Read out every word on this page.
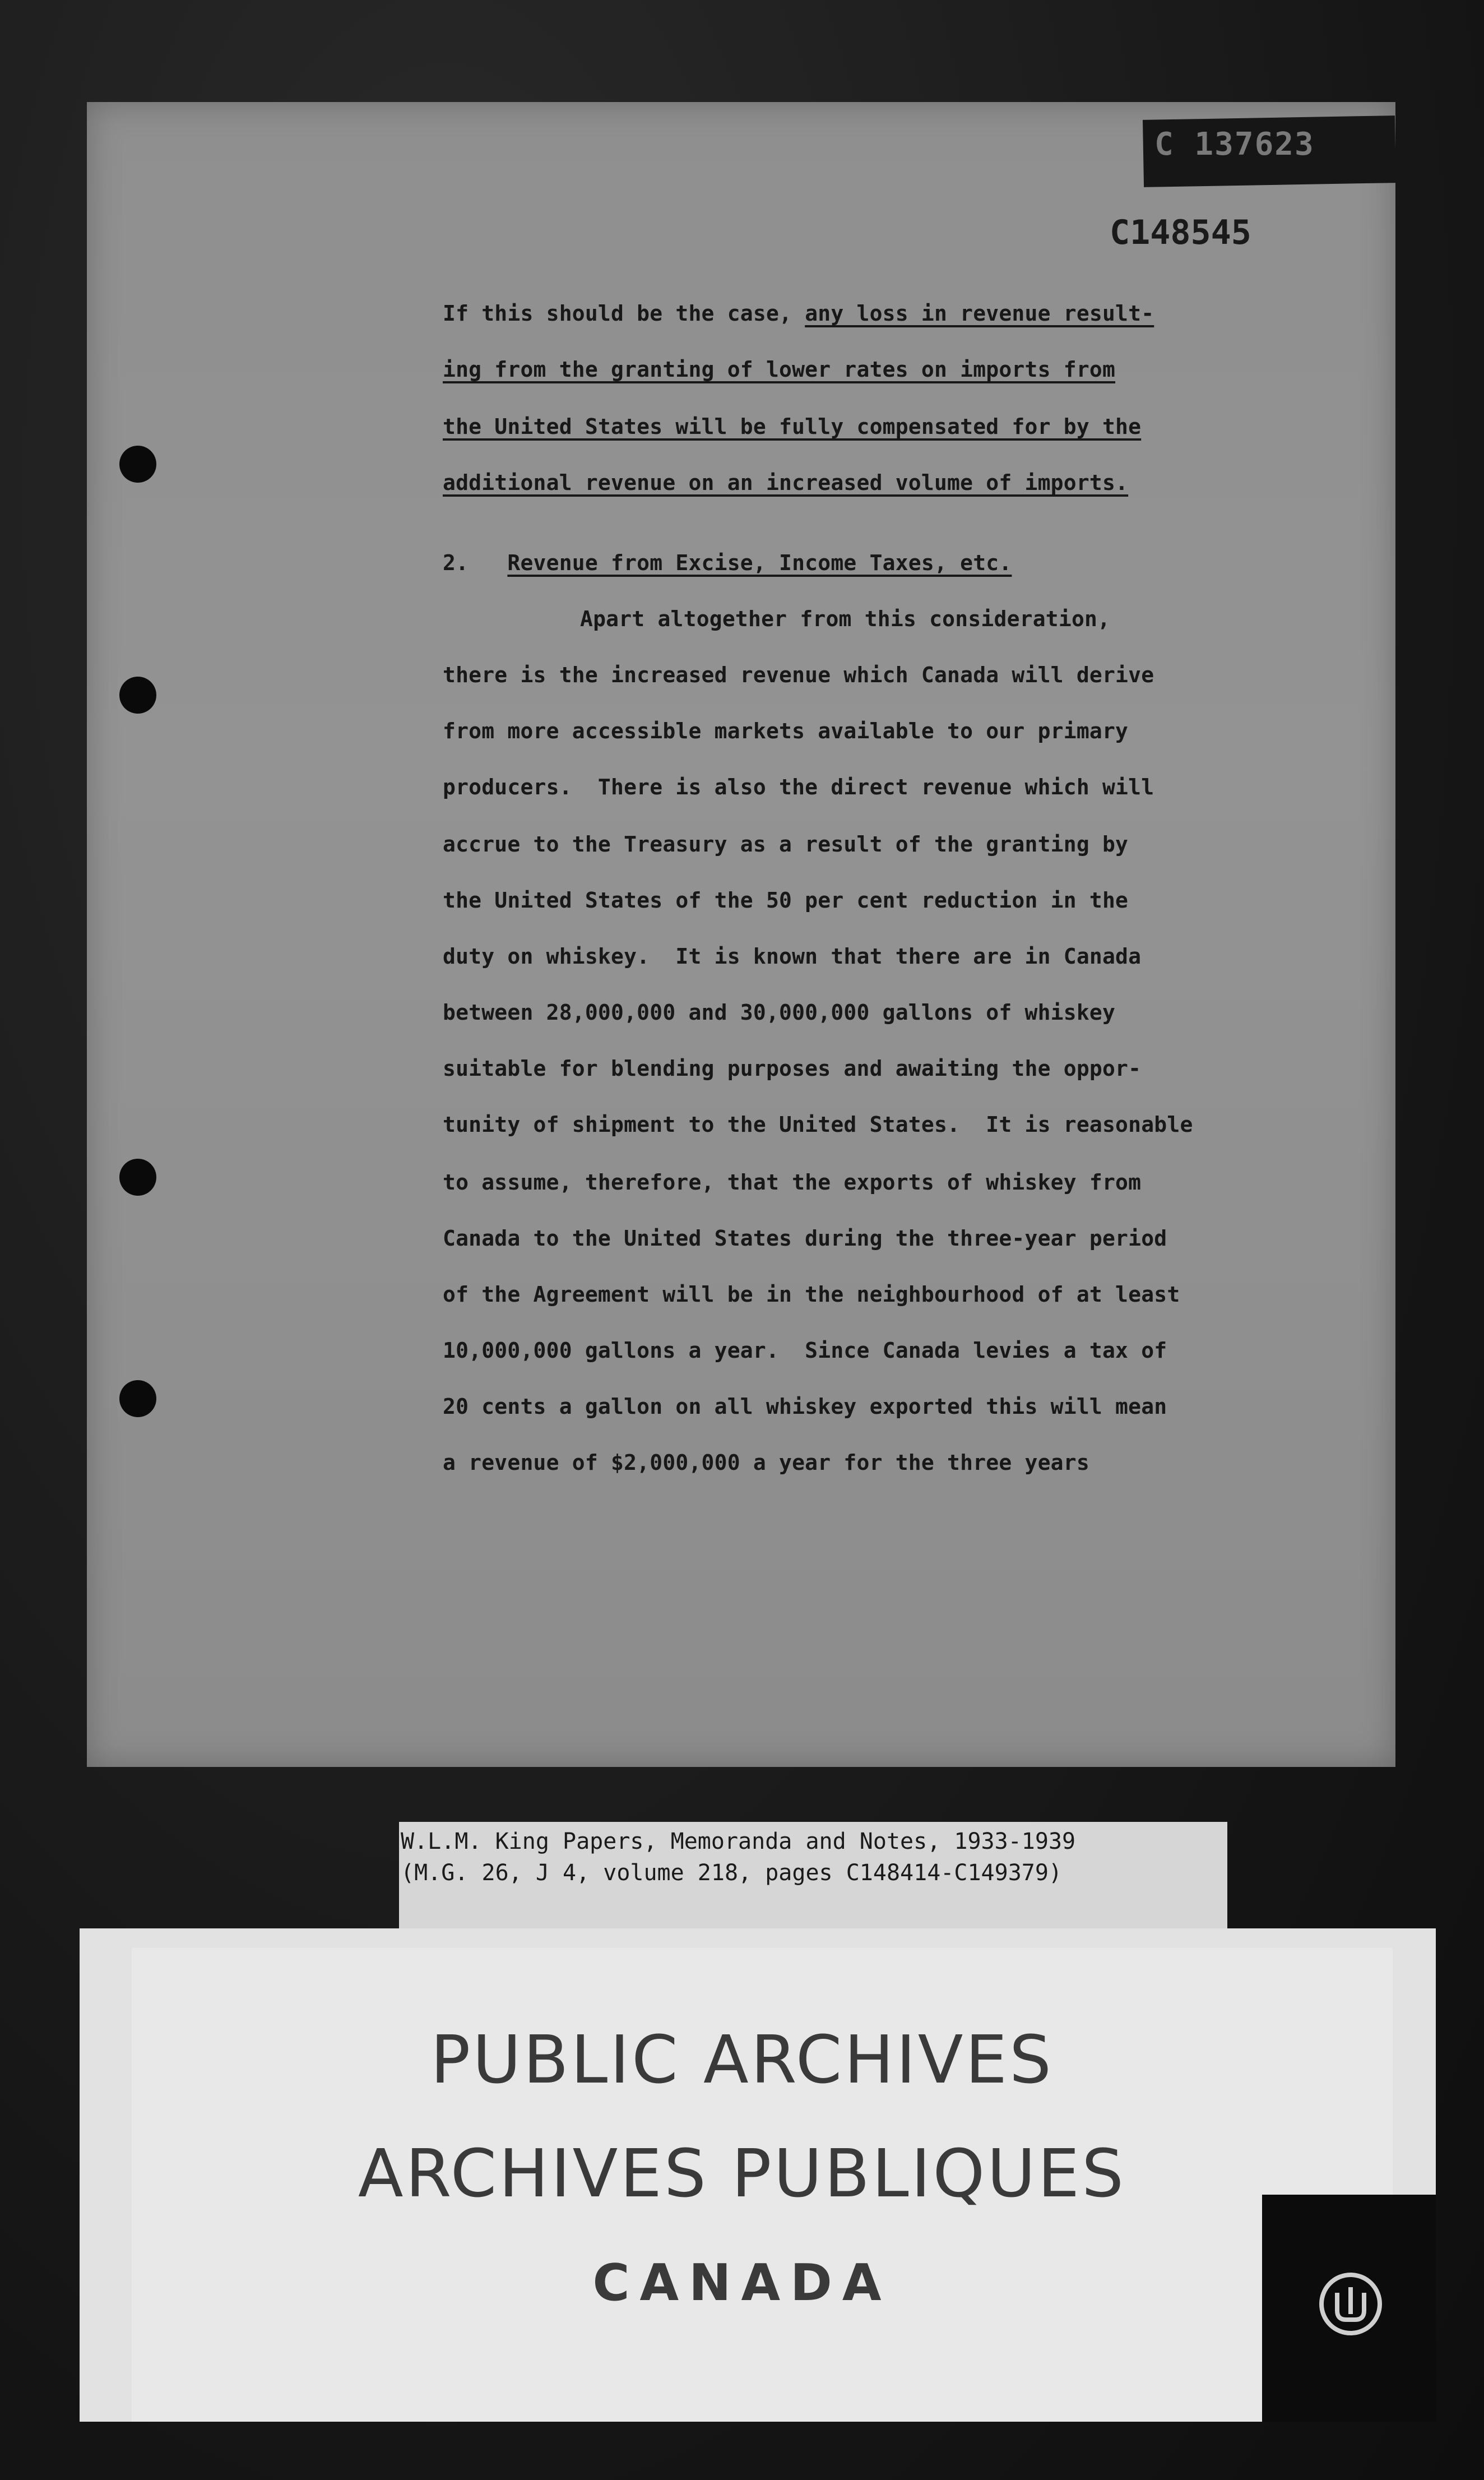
C 137623
C148545
If this should be the case, any loss in revenue result-
ing from the granting of lower rates on imports from
the United States will be fully compensated for by the
additional revenue on an increased volume of imports.
2.   Revenue from Excise, Income Taxes, etc.
Apart altogether from this consideration,
there is the increased revenue which Canada will derive
from more accessible markets available to our primary
producers.  There is also the direct revenue which will
accrue to the Treasury as a result of the granting by
the United States of the 50 per cent reduction in the
duty on whiskey.  It is known that there are in Canada
between 28,000,000 and 30,000,000 gallons of whiskey
suitable for blending purposes and awaiting the oppor-
tunity of shipment to the United States.  It is reasonable
to assume, therefore, that the exports of whiskey from
Canada to the United States during the three-year period
of the Agreement will be in the neighbourhood of at least
10,000,000 gallons a year.  Since Canada levies a tax of
20 cents a gallon on all whiskey exported this will mean
a revenue of $2,000,000 a year for the three years
W.L.M. King Papers, Memoranda and Notes, 1933-1939
(M.G. 26, J 4, volume 218, pages C148414-C149379)
PUBLIC ARCHIVES
ARCHIVES PUBLIQUES
CANADA
